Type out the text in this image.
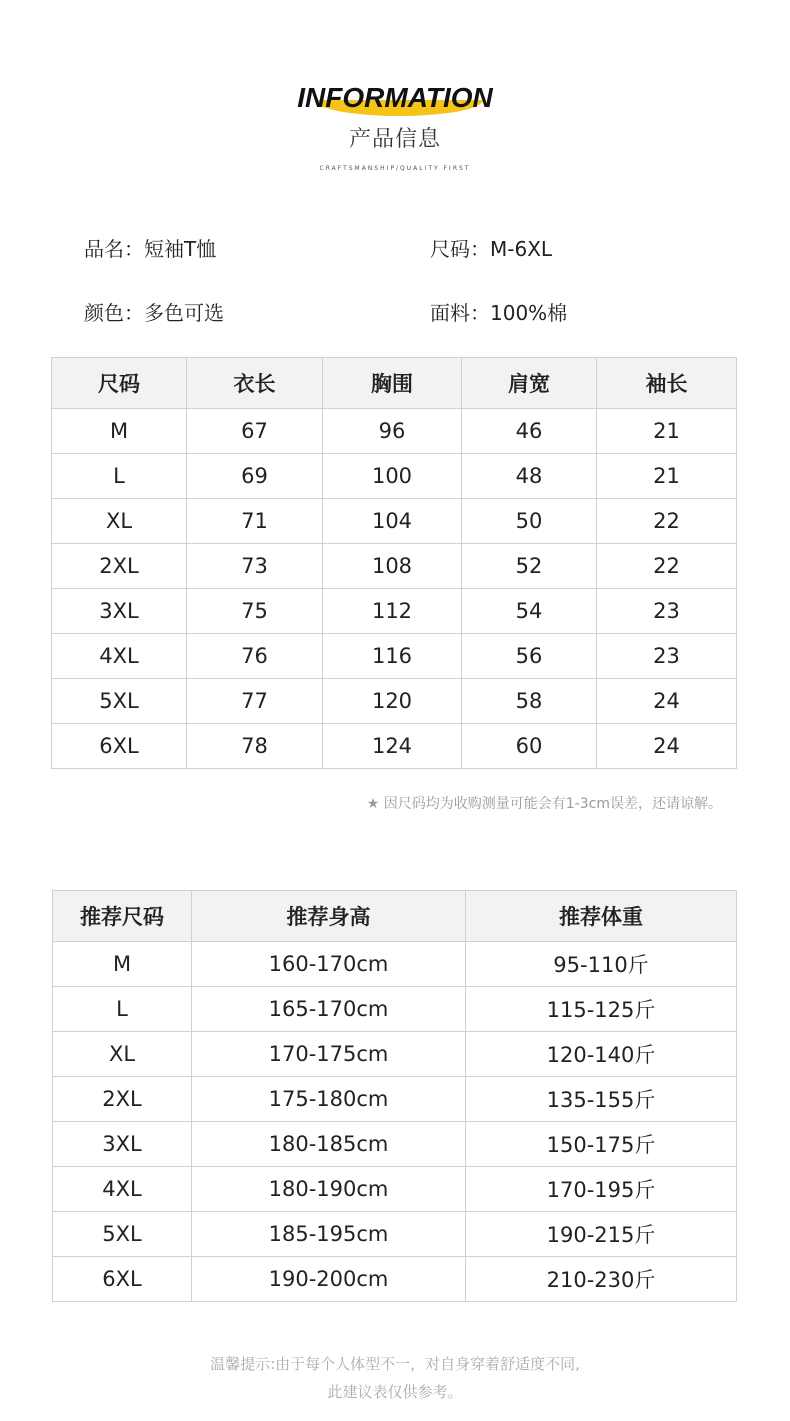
INFORMATION
产品信息
CRAFTSMANSHIP/QUALITY FIRST
品名：短袖T恤	尺码：M-6XL
颜色：多色可选	面料：100%棉
尺码	衣长	胸围	肩宽	袖长
M	67	96	46	21
L	69	100	48	21
XL	71	104	50	22
2XL	73	108	52	22
3XL	75	112	54	23
4XL	76	116	56	23
5XL	77	120	58	24
6XL	78	124	60	24
★ 因尺码均为收购测量可能会有1-3cm误差，还请谅解。
推荐尺码	推荐身高	推荐体重
M	160-170cm	95-110斤
L	165-170cm	115-125斤
XL	170-175cm	120-140斤
2XL	175-180cm	135-155斤
3XL	180-185cm	150-175斤
4XL	180-190cm	170-195斤
5XL	185-195cm	190-215斤
6XL	190-200cm	210-230斤
温馨提示:由于每个人体型不一，对自身穿着舒适度不同,
此建议表仅供参考。
